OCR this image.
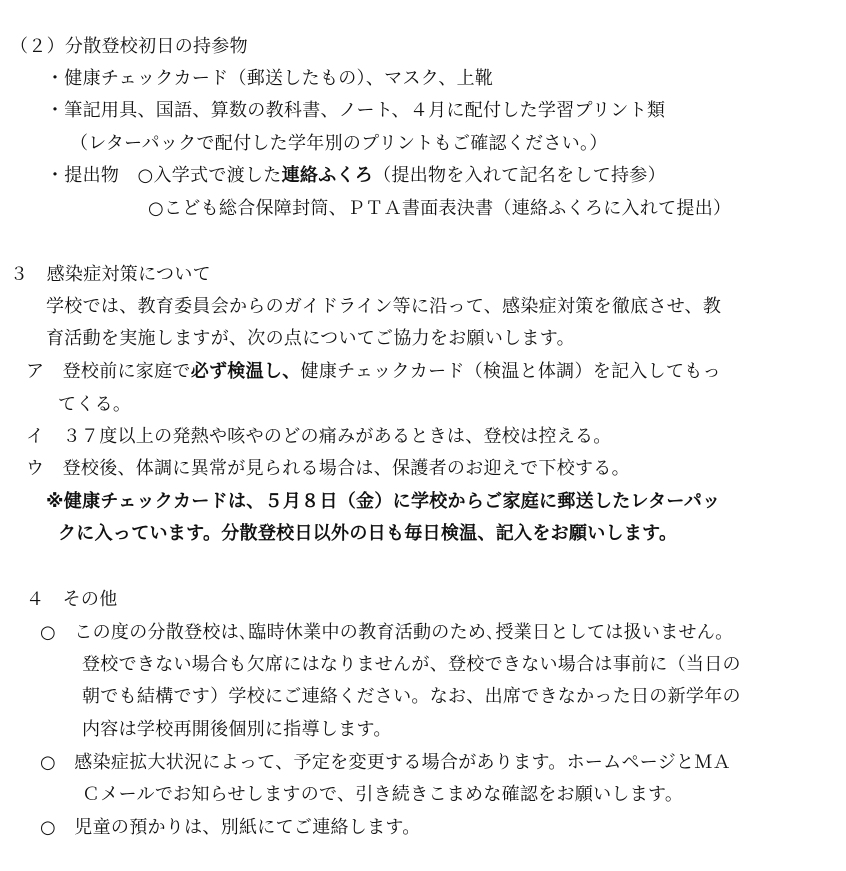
（２）分散登校初日の持参物
・健康チェックカード（郵送したもの）、マスク、上靴
・筆記用具、国語、算数の教科書、ノート、４月に配付した学習プリント類
（レターパックで配付した学年別のプリントもご確認ください。）
・提出物　○入学式で渡した連絡ふくろ（提出物を入れて記名をして持参）
○こども総合保障封筒、ＰＴＡ書面表決書（連絡ふくろに入れて提出）
３　感染症対策について
学校では、教育委員会からのガイドライン等に沿って、感染症対策を徹底させ、教
育活動を実施しますが、次の点についてご協力をお願いします。
ア　登校前に家庭で必ず検温し、健康チェックカード（検温と体調）を記入してもっ
てくる。
イ　３７度以上の発熱や咳やのどの痛みがあるときは、登校は控える。
ウ　登校後、体調に異常が見られる場合は、保護者のお迎えで下校する。
※健康チェックカードは、５月８日（金）に学校からご家庭に郵送したレターパッ
クに入っています。分散登校日以外の日も毎日検温、記入をお願いします。
４　その他
○　この度の分散登校は､臨時休業中の教育活動のため､授業日としては扱いません｡
登校できない場合も欠席にはなりませんが、登校できない場合は事前に（当日の
朝でも結構です）学校にご連絡ください。なお、出席できなかった日の新学年の
内容は学校再開後個別に指導します。
○　感染症拡大状況によって、予定を変更する場合があります。ホームページとＭＡ
Ｃメールでお知らせしますので、引き続きこまめな確認をお願いします。
○　児童の預かりは、別紙にてご連絡します。
